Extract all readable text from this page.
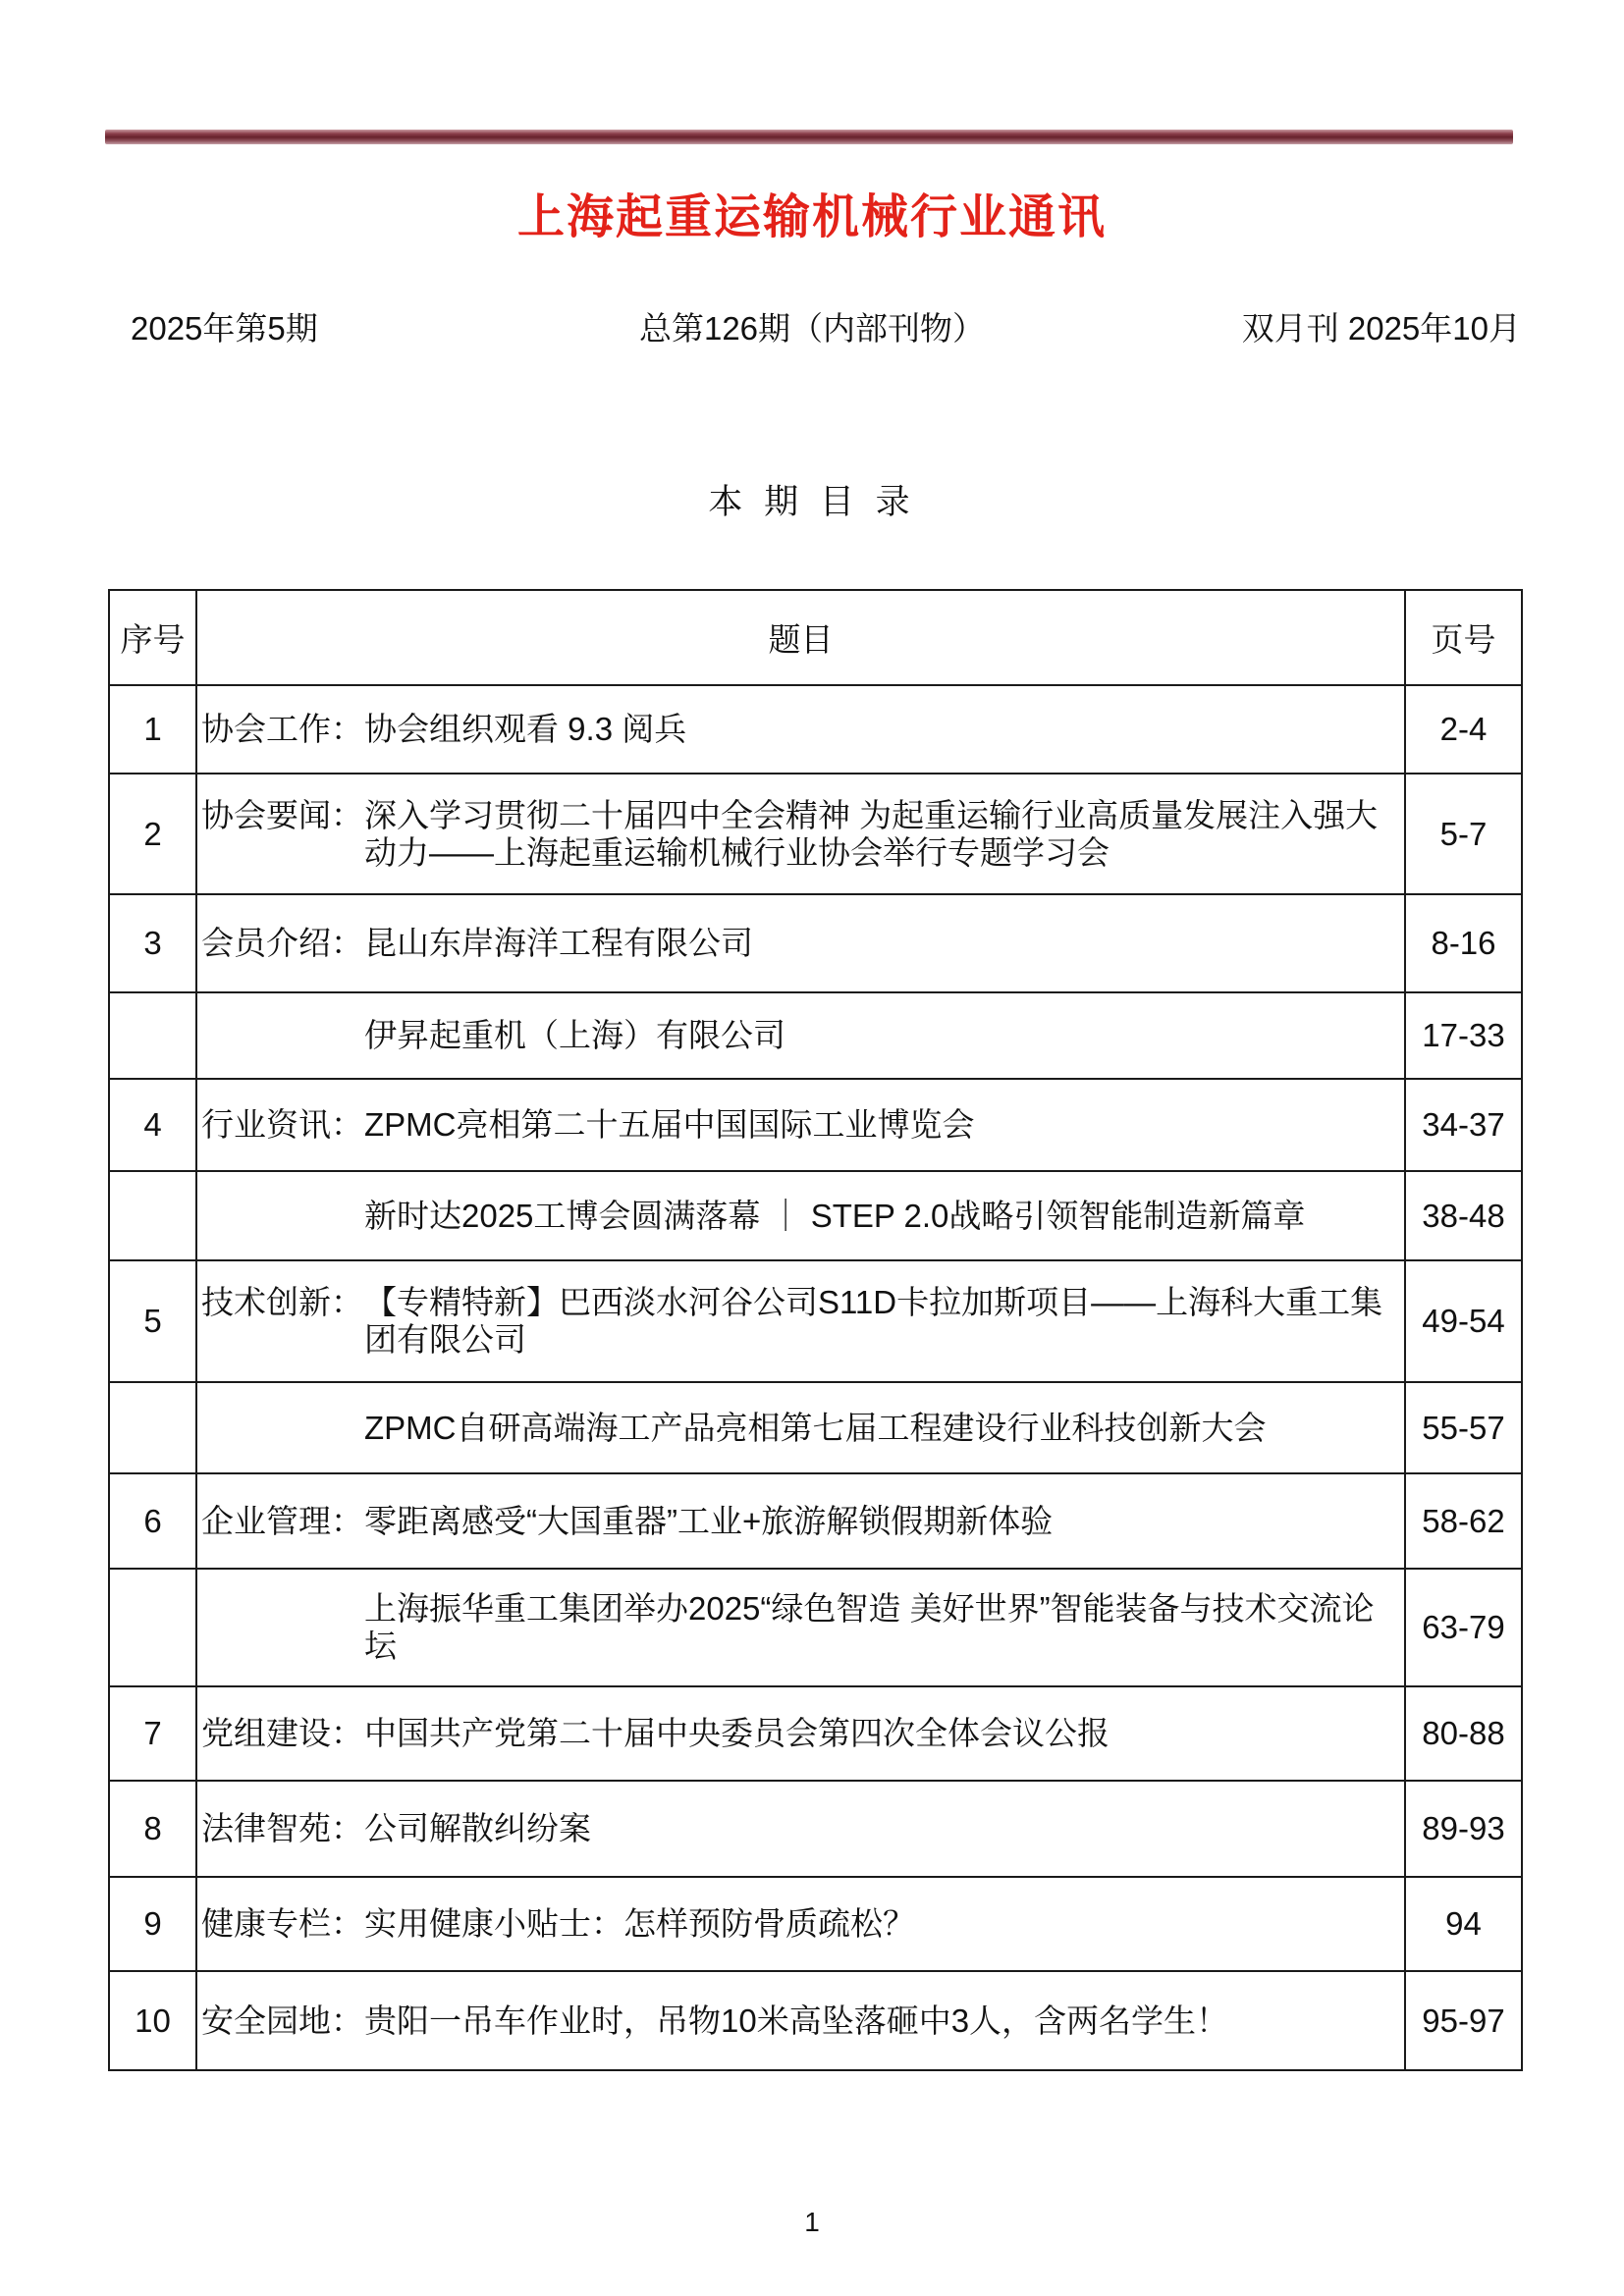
上海起重运输机械行业通讯
2025年第5期	总第126期（内部刊物）	双月刊 2025年10月
本 期 目 录
序号	题目	页号
1	协会工作： 协会组织观看 9.3 阅兵	2-4
2	协会要闻： 深入学习贯彻二十届四中全会精神 为起重运输行业高质量发展注入强大动力——上海起重运输机械行业协会举行专题学习会	5-7
3	会员介绍： 昆山东岸海洋工程有限公司	8-16

	伊昇起重机（上海）有限公司	17-33
4	行业资讯： ZPMC亮相第二十五届中国国际工业博览会	34-37

	新时达2025工博会圆满落幕 ｜ STEP 2.0战略引领智能制造新篇章	38-48
5	技术创新： 【专精特新】巴西淡水河谷公司S11D卡拉加斯项目——上海科大重工集团有限公司	49-54

	ZPMC自研高端海工产品亮相第七届工程建设行业科技创新大会	55-57
6	企业管理： 零距离感受“大国重器”工业+旅游解锁假期新体验	58-62

	上海振华重工集团举办2025“绿色智造 美好世界”智能装备与技术交流论坛	63-79
7	党组建设： 中国共产党第二十届中央委员会第四次全体会议公报	80-88
8	法律智苑： 公司解散纠纷案	89-93
9	健康专栏： 实用健康小贴士：怎样预防骨质疏松？	94
10	安全园地： 贵阳一吊车作业时，吊物10米高坠落砸中3人，含两名学生！	95-97
1
